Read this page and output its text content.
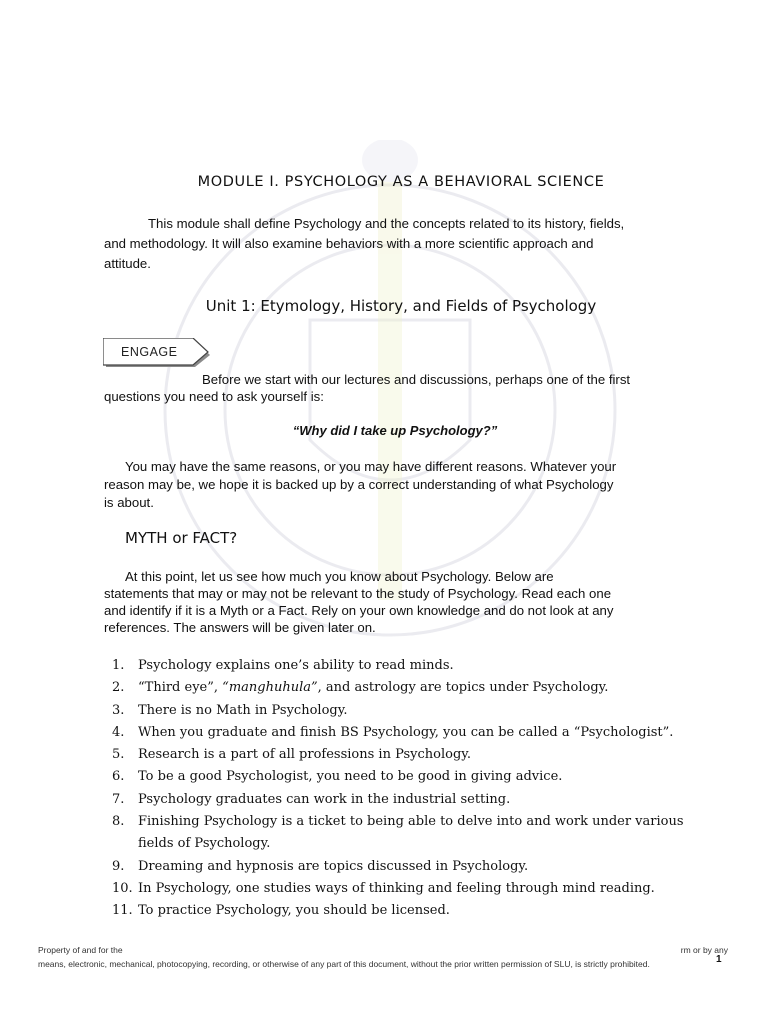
MODULE I. PSYCHOLOGY AS A BEHAVIORAL SCIENCE
This module shall define Psychology and the concepts related to its history, fields,
and methodology. It will also examine behaviors with a more scientific approach and
attitude.
Unit 1: Etymology, History, and Fields of Psychology
ENGAGE
Before we start with our lectures and discussions, perhaps one of the first
questions you need to ask yourself is:
“Why did I take up Psychology?”
You may have the same reasons, or you may have different reasons. Whatever your
reason may be, we hope it is backed up by a correct understanding of what Psychology
is about.
MYTH or FACT?
At this point, let us see how much you know about Psychology. Below are
statements that may or may not be relevant to the study of Psychology. Read each one
and identify if it is a Myth or a Fact. Rely on your own knowledge and do not look at any
references. The answers will be given later on.
1. Psychology explains one’s ability to read minds.
2. “Third eye”, “manghuhula”, and astrology are topics under Psychology.
3. There is no Math in Psychology.
4. When you graduate and finish BS Psychology, you can be called a “Psychologist”.
5. Research is a part of all professions in Psychology.
6. To be a good Psychologist, you need to be good in giving advice.
7. Psychology graduates can work in the industrial setting.
8. Finishing Psychology is a ticket to being able to delve into and work under various
fields of Psychology.
9. Dreaming and hypnosis are topics discussed in Psychology.
10. In Psychology, one studies ways of thinking and feeling through mind reading.
11. To practice Psychology, you should be licensed.
Property of and for the	rm or by any
means, electronic, mechanical, photocopying, recording, or otherwise of any part of this document, without the prior written permission of SLU, is strictly prohibited.	1
